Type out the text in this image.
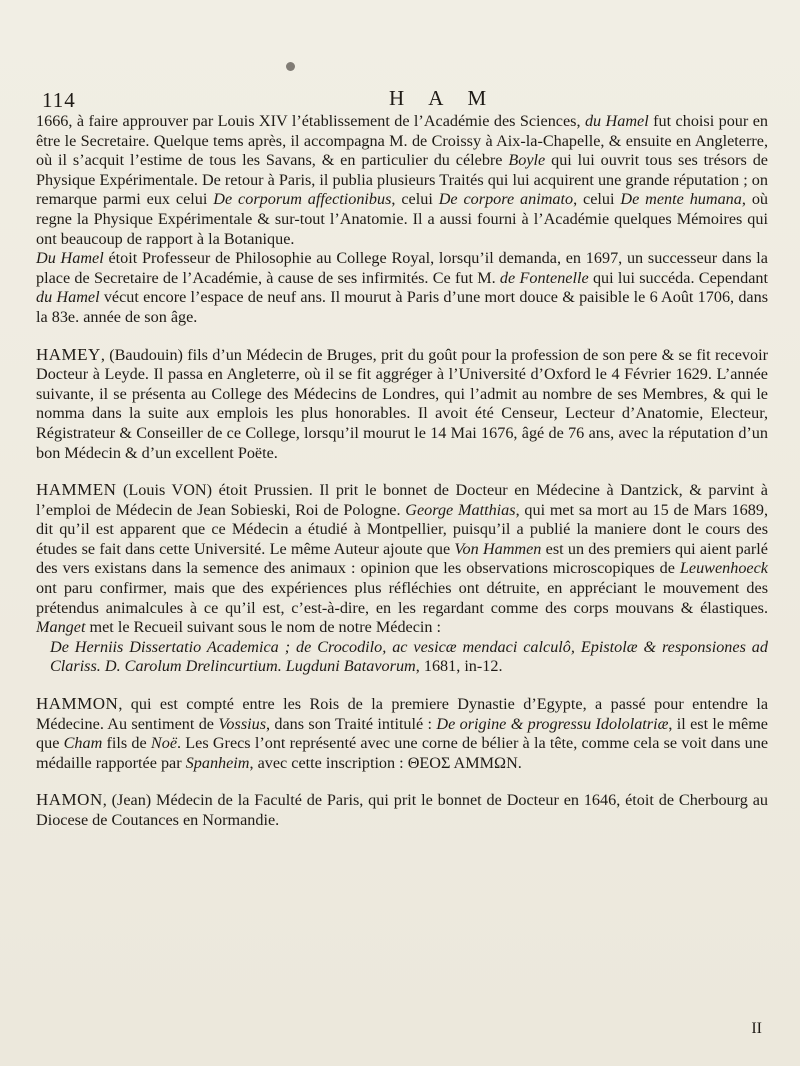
114	H A M

1666, à faire approuver par Louis XIV l’établissement de l’Académie des Sciences, du Hamel fut choisi pour en être le Secretaire. Quelque tems après, il accompagna M. de Croissy à Aix-la-Chapelle, & ensuite en Angleterre, où il s’acquit l’estime de tous les Savans, & en particulier du célebre Boyle qui lui ouvrit tous ses trésors de Physique Expérimentale. De retour à Paris, il publia plusieurs Traités qui lui acquirent une grande réputation ; on remarque parmi eux celui De corporum affectionibus, celui De corpore animato, celui De mente humana, où regne la Physique Expérimentale & sur-tout l’Anatomie. Il a aussi fourni à l’Académie quelques Mémoires qui ont beaucoup de rapport à la Botanique.

Du Hamel étoit Professeur de Philosophie au College Royal, lorsqu’il demanda, en 1697, un successeur dans la place de Secretaire de l’Académie, à cause de ses infirmités. Ce fut M. de Fontenelle qui lui succéda. Cependant du Hamel vécut encore l’espace de neuf ans. Il mourut à Paris d’une mort douce & paisible le 6 Août 1706, dans la 83e. année de son âge.

HAMEY, (Baudouin) fils d’un Médecin de Bruges, prit du goût pour la profession de son pere & se fit recevoir Docteur à Leyde. Il passa en Angleterre, où il se fit aggréger à l’Université d’Oxford le 4 Février 1629. L’année suivante, il se présenta au College des Médecins de Londres, qui l’admit au nombre de ses Membres, & qui le nomma dans la suite aux emplois les plus honorables. Il avoit été Censeur, Lecteur d’Anatomie, Electeur, Régistrateur & Conseiller de ce College, lorsqu’il mourut le 14 Mai 1676, âgé de 76 ans, avec la réputation d’un bon Médecin & d’un excellent Poëte.

HAMMEN (Louis VON) étoit Prussien. Il prit le bonnet de Docteur en Médecine à Dantzick, & parvint à l’emploi de Médecin de Jean Sobieski, Roi de Pologne. George Matthias, qui met sa mort au 15 de Mars 1689, dit qu’il est apparent que ce Médecin a étudié à Montpellier, puisqu’il a publié la maniere dont le cours des études se fait dans cette Université. Le même Auteur ajoute que Von Hammen est un des premiers qui aient parlé des vers existans dans la semence des animaux : opinion que les observations microscopiques de Leuwenhoeck ont paru confirmer, mais que des expériences plus réfléchies ont détruite, en appréciant le mouvement des prétendus animalcules à ce qu’il est, c’est-à-dire, en les regardant comme des corps mouvans & élastiques. Manget met le Recueil suivant sous le nom de notre Médecin :

De Herniis Dissertatio Academica ; de Crocodilo, ac vesicæ mendaci calculô, Epistolæ & responsiones ad Clariss. D. Carolum Drelincurtium. Lugduni Batavorum, 1681, in-12.

HAMMON, qui est compté entre les Rois de la premiere Dynastie d’Egypte, a passé pour entendre la Médecine. Au sentiment de Vossius, dans son Traité intitulé : De origine & progressu Idololatriæ, il est le même que Cham fils de Noë. Les Grecs l’ont représenté avec une corne de bélier à la tête, comme cela se voit dans une médaille rapportée par Spanheim, avec cette inscription : ΘΕΟΣ ΑΜΜΩΝ.

HAMON, (Jean) Médecin de la Faculté de Paris, qui prit le bonnet de Docteur en 1646, étoit de Cherbourg au Diocese de Coutances en Normandie.

II
